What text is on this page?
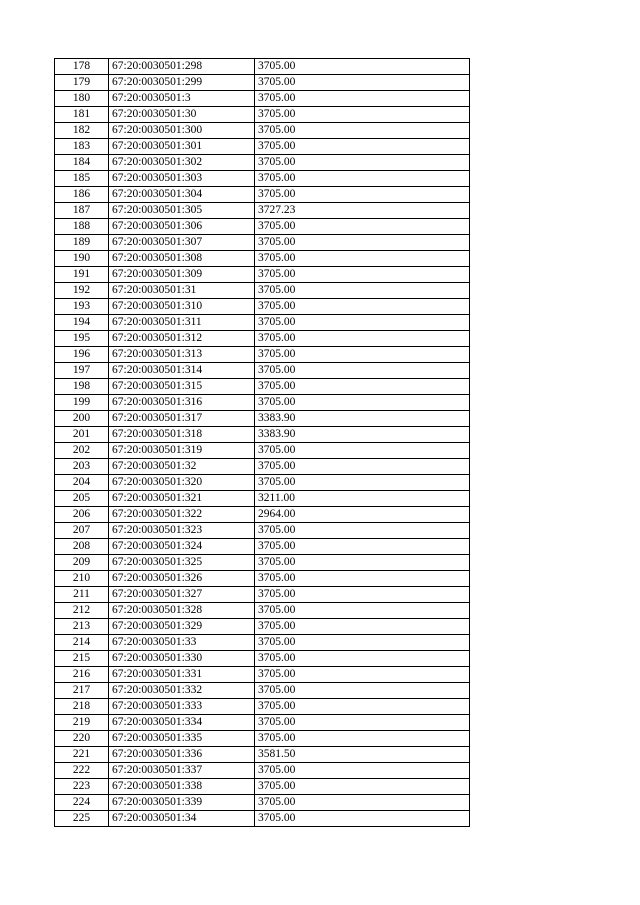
178	67:20:0030501:298	3705.00
179	67:20:0030501:299	3705.00
180	67:20:0030501:3	3705.00
181	67:20:0030501:30	3705.00
182	67:20:0030501:300	3705.00
183	67:20:0030501:301	3705.00
184	67:20:0030501:302	3705.00
185	67:20:0030501:303	3705.00
186	67:20:0030501:304	3705.00
187	67:20:0030501:305	3727.23
188	67:20:0030501:306	3705.00
189	67:20:0030501:307	3705.00
190	67:20:0030501:308	3705.00
191	67:20:0030501:309	3705.00
192	67:20:0030501:31	3705.00
193	67:20:0030501:310	3705.00
194	67:20:0030501:311	3705.00
195	67:20:0030501:312	3705.00
196	67:20:0030501:313	3705.00
197	67:20:0030501:314	3705.00
198	67:20:0030501:315	3705.00
199	67:20:0030501:316	3705.00
200	67:20:0030501:317	3383.90
201	67:20:0030501:318	3383.90
202	67:20:0030501:319	3705.00
203	67:20:0030501:32	3705.00
204	67:20:0030501:320	3705.00
205	67:20:0030501:321	3211.00
206	67:20:0030501:322	2964.00
207	67:20:0030501:323	3705.00
208	67:20:0030501:324	3705.00
209	67:20:0030501:325	3705.00
210	67:20:0030501:326	3705.00
211	67:20:0030501:327	3705.00
212	67:20:0030501:328	3705.00
213	67:20:0030501:329	3705.00
214	67:20:0030501:33	3705.00
215	67:20:0030501:330	3705.00
216	67:20:0030501:331	3705.00
217	67:20:0030501:332	3705.00
218	67:20:0030501:333	3705.00
219	67:20:0030501:334	3705.00
220	67:20:0030501:335	3705.00
221	67:20:0030501:336	3581.50
222	67:20:0030501:337	3705.00
223	67:20:0030501:338	3705.00
224	67:20:0030501:339	3705.00
225	67:20:0030501:34	3705.00
